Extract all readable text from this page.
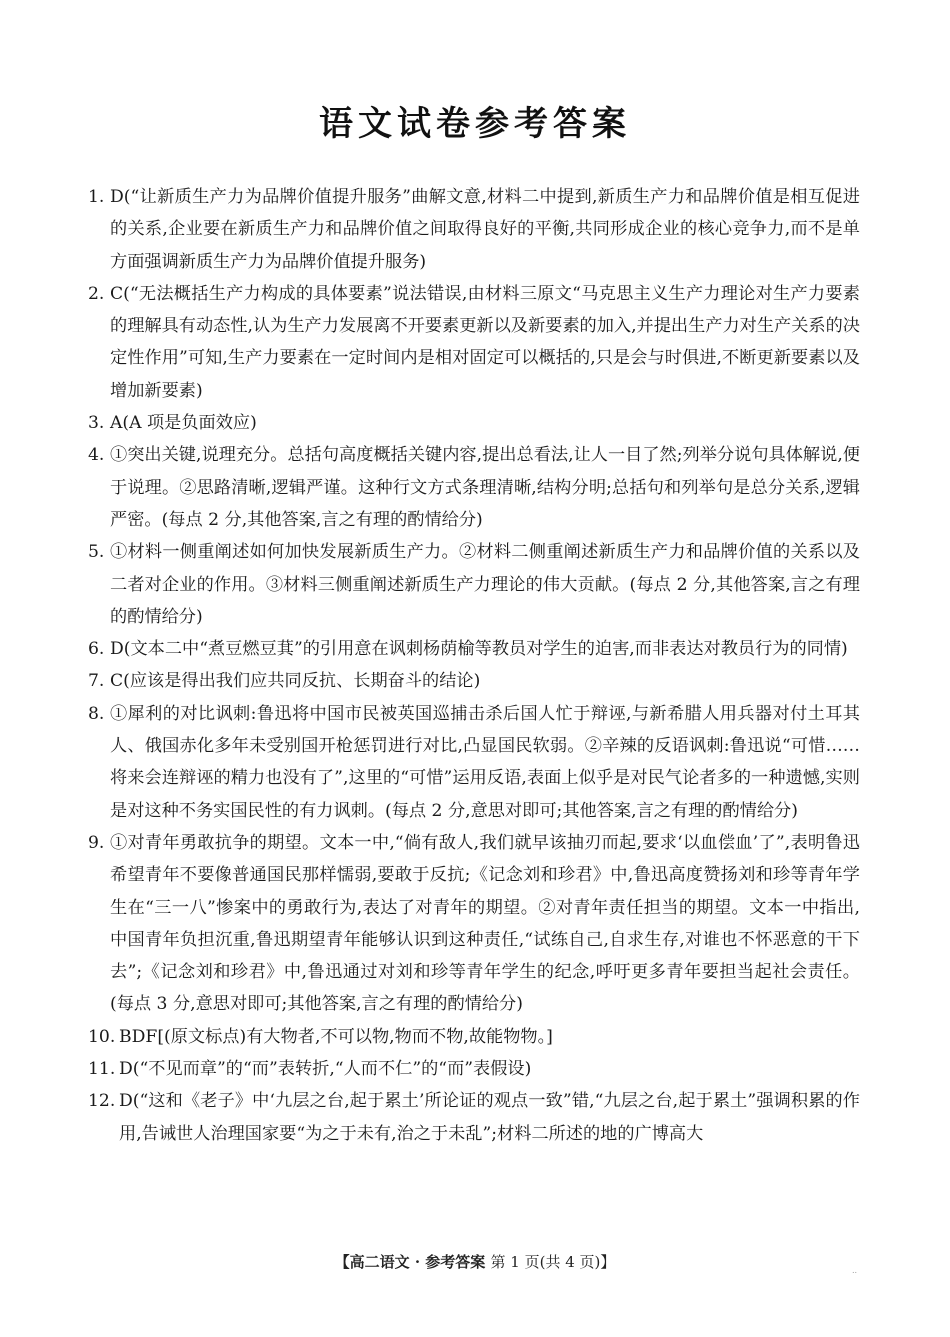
语文试卷参考答案
1. D(“让新质生产力为品牌价值提升服务”曲解文意,材料二中提到,新质生产力和品牌价值是相互促进的关系,企业要在新质生产力和品牌价值之间取得良好的平衡,共同形成企业的核心竞争力,而不是单方面强调新质生产力为品牌价值提升服务)
2. C(“无法概括生产力构成的具体要素”说法错误,由材料三原文“马克思主义生产力理论对生产力要素的理解具有动态性,认为生产力发展离不开要素更新以及新要素的加入,并提出生产力对生产关系的决定性作用”可知,生产力要素在一定时间内是相对固定可以概括的,只是会与时俱进,不断更新要素以及增加新要素)
3. A(A 项是负面效应)
4. ①突出关键,说理充分。总括句高度概括关键内容,提出总看法,让人一目了然;列举分说句具体解说,便于说理。②思路清晰,逻辑严谨。这种行文方式条理清晰,结构分明;总括句和列举句是总分关系,逻辑严密。(每点 2 分,其他答案,言之有理的酌情给分)
5. ①材料一侧重阐述如何加快发展新质生产力。②材料二侧重阐述新质生产力和品牌价值的关系以及二者对企业的作用。③材料三侧重阐述新质生产力理论的伟大贡献。(每点 2 分,其他答案,言之有理的酌情给分)
6. D(文本二中“煮豆燃豆萁”的引用意在讽刺杨荫榆等教员对学生的迫害,而非表达对教员行为的同情)
7. C(应该是得出我们应共同反抗、长期奋斗的结论)
8. ①犀利的对比讽刺:鲁迅将中国市民被英国巡捕击杀后国人忙于辩诬,与新希腊人用兵器对付土耳其人、俄国赤化多年未受别国开枪惩罚进行对比,凸显国民软弱。②辛辣的反语讽刺:鲁迅说“可惜……将来会连辩诬的精力也没有了”,这里的“可惜”运用反语,表面上似乎是对民气论者多的一种遗憾,实则是对这种不务实国民性的有力讽刺。(每点 2 分,意思对即可;其他答案,言之有理的酌情给分)
9. ①对青年勇敢抗争的期望。文本一中,“倘有敌人,我们就早该抽刃而起,要求‘以血偿血’了”,表明鲁迅希望青年不要像普通国民那样懦弱,要敢于反抗;《记念刘和珍君》中,鲁迅高度赞扬刘和珍等青年学生在“三一八”惨案中的勇敢行为,表达了对青年的期望。②对青年责任担当的期望。文本一中指出,中国青年负担沉重,鲁迅期望青年能够认识到这种责任,“试练自己,自求生存,对谁也不怀恶意的干下去”;《记念刘和珍君》中,鲁迅通过对刘和珍等青年学生的纪念,呼吁更多青年要担当起社会责任。(每点 3 分,意思对即可;其他答案,言之有理的酌情给分)
10. BDF[(原文标点)有大物者,不可以物,物而不物,故能物物。]
11. D(“不见而章”的“而”表转折,“人而不仁”的“而”表假设)
12. D(“这和《老子》中‘九层之台,起于累土’所论证的观点一致”错,“九层之台,起于累土”强调积累的作用,告诫世人治理国家要“为之于未有,治之于未乱”;材料二所述的地的广博高大
【高二语文 · 参考答案 第 1 页(共 4 页)】	..
